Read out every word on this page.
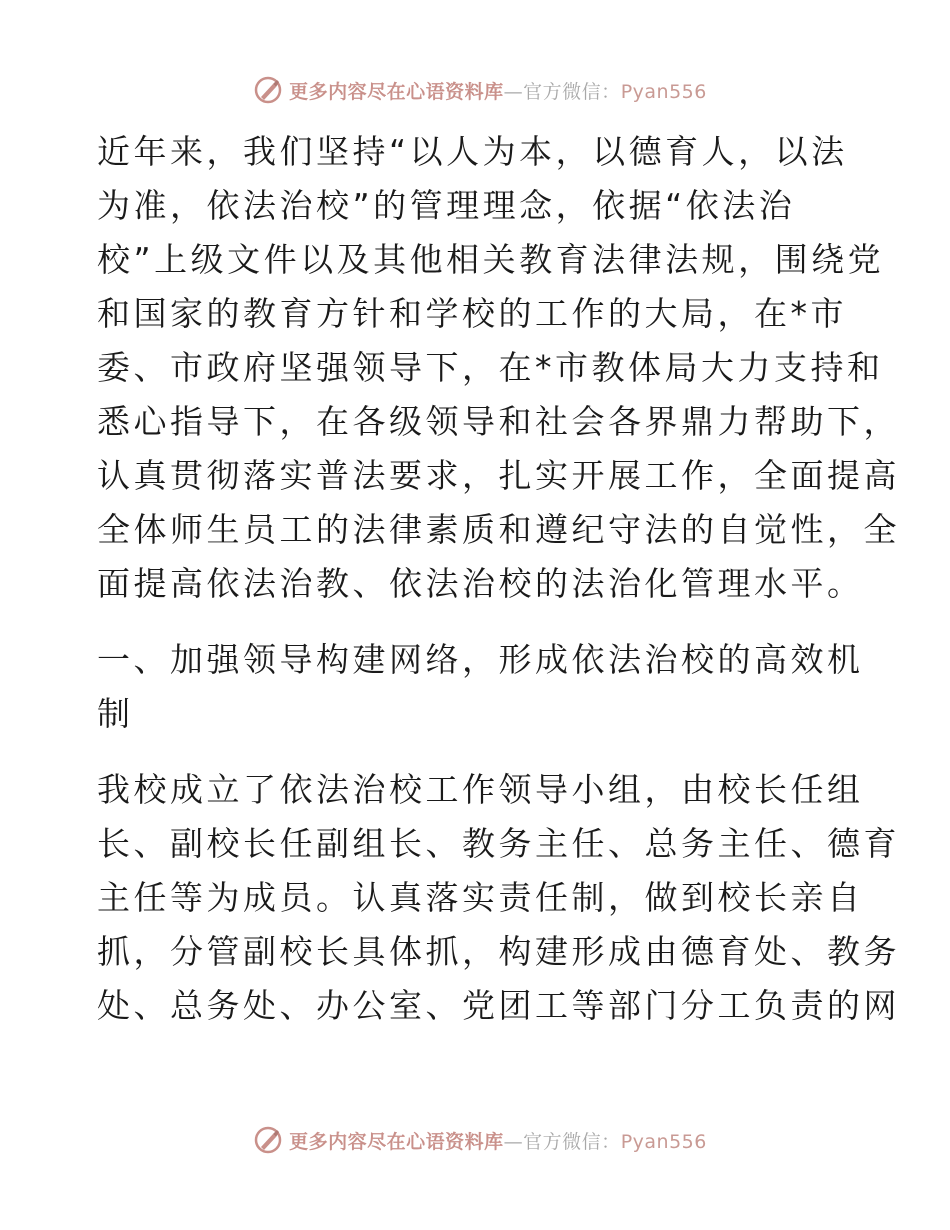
更多内容尽在心语资料库—官方微信：Pyan556
近年来，我们坚持“以人为本，以德育人，以法
为准，依法治校”的管理理念，依据“依法治
校”上级文件以及其他相关教育法律法规，围绕党
和国家的教育方针和学校的工作的大局，在*市
委、市政府坚强领导下，在*市教体局大力支持和
悉心指导下，在各级领导和社会各界鼎力帮助下，
认真贯彻落实普法要求，扎实开展工作，全面提高
全体师生员工的法律素质和遵纪守法的自觉性，全
面提高依法治教、依法治校的法治化管理水平。
一、加强领导构建网络，形成依法治校的高效机
制
我校成立了依法治校工作领导小组，由校长任组
长、副校长任副组长、教务主任、总务主任、德育
主任等为成员。认真落实责任制，做到校长亲自
抓，分管副校长具体抓，构建形成由德育处、教务
处、总务处、办公室、党团工等部门分工负责的网
更多内容尽在心语资料库—官方微信：Pyan556
